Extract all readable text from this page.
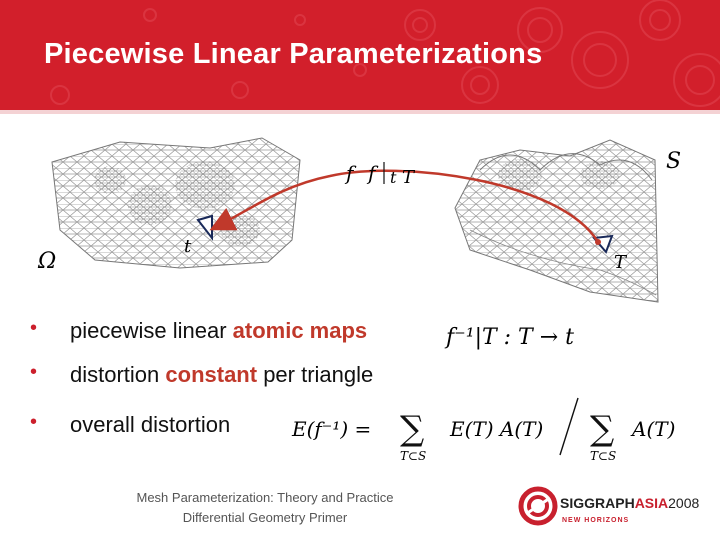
Piecewise Linear Parameterizations
Ω
t
S
T
f f t T
• piecewise linear atomic maps
• distortion constant per triangle
• overall distortion
f⁻¹|T : T → t
E(f⁻¹) = ∑
T⊂S
E(T) A(T) ∑
T⊂S
A(T)
Mesh Parameterization: Theory and Practice
Differential Geometry Primer
SIGGRAPHASIA2008
NEW HORIZONS
